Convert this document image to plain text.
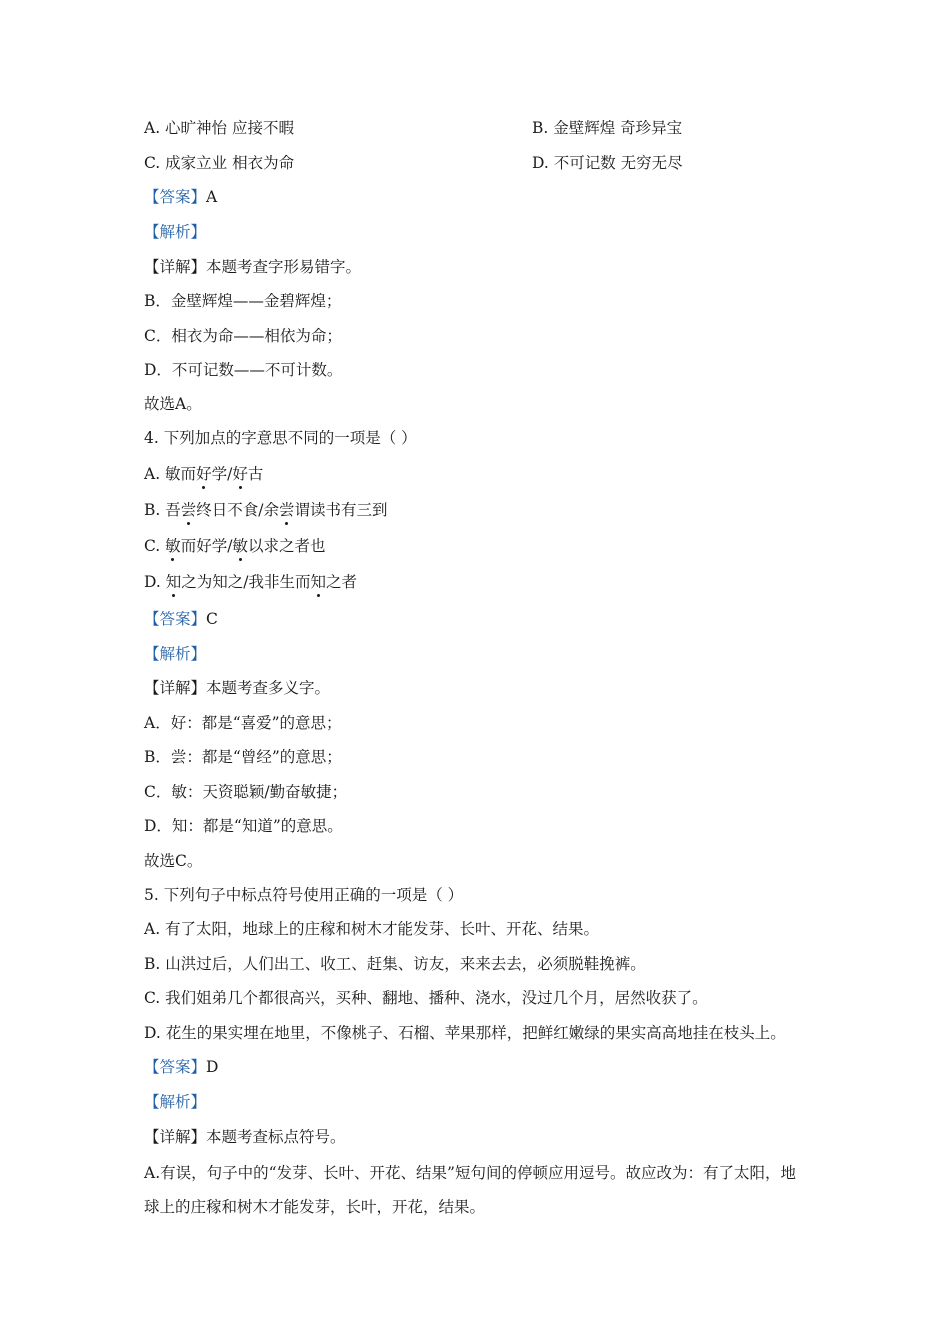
A. 心旷神怡 应接不暇	B. 金壁辉煌 奇珍异宝
C. 成家立业 相衣为命	D. 不可记数 无穷无尽
【答案】A
【解析】
【详解】本题考查字形易错字。
B．金壁辉煌——金碧辉煌；
C．相衣为命——相依为命；
D．不可记数——不可计数。
故选A。
4. 下列加点的字意思不同的一项是（ ）
A. 敏而好学/好古
B. 吾尝终日不食/余尝谓读书有三到
C. 敏而好学/敏以求之者也
D. 知之为知之/我非生而知之者
【答案】C
【解析】
【详解】本题考查多义字。
A．好：都是“喜爱”的意思；
B．尝：都是“曾经”的意思；
C．敏：天资聪颖/勤奋敏捷；
D．知：都是“知道”的意思。
故选C。
5. 下列句子中标点符号使用正确的一项是（ ）
A. 有了太阳，地球上的庄稼和树木才能发芽、长叶、开花、结果。
B. 山洪过后，人们出工、收工、赶集、访友，来来去去，必须脱鞋挽裤。
C. 我们姐弟几个都很高兴，买种、翻地、播种、浇水，没过几个月，居然收获了。
D. 花生的果实埋在地里，不像桃子、石榴、苹果那样，把鲜红嫩绿的果实高高地挂在枝头上。
【答案】D
【解析】
【详解】本题考查标点符号。
A.有误，句子中的“发芽、长叶、开花、结果”短句间的停顿应用逗号。故应改为：有了太阳，地球上的庄稼和树木才能发芽，长叶，开花，结果。
